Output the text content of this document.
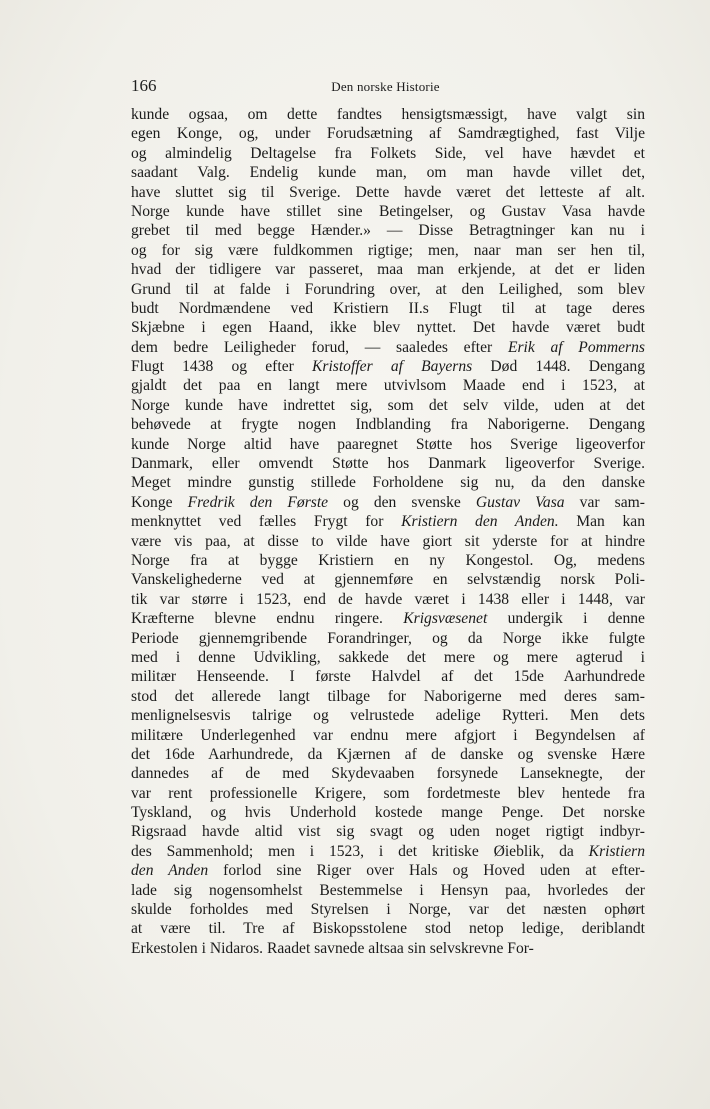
166	Den norske Historie
kunde ogsaa, om dette fandtes hensigtsmæssigt, have valgt sin
egen Konge, og, under Forudsætning af Samdrægtighed, fast Vilje
og almindelig Deltagelse fra Folkets Side, vel have hævdet et
saadant Valg. Endelig kunde man, om man havde villet det,
have sluttet sig til Sverige. Dette havde været det letteste af alt.
Norge kunde have stillet sine Betingelser, og Gustav Vasa havde
grebet til med begge Hænder.» — Disse Betragtninger kan nu i
og for sig være fuldkommen rigtige; men, naar man ser hen til,
hvad der tidligere var passeret, maa man erkjende, at det er liden
Grund til at falde i Forundring over, at den Leilighed, som blev
budt Nordmændene ved Kristiern II.s Flugt til at tage deres
Skjæbne i egen Haand, ikke blev nyttet. Det havde været budt
dem bedre Leiligheder forud, — saaledes efter Erik af Pommerns
Flugt 1438 og efter Kristoffer af Bayerns Død 1448. Dengang
gjaldt det paa en langt mere utvivlsom Maade end i 1523, at
Norge kunde have indrettet sig, som det selv vilde, uden at det
behøvede at frygte nogen Indblanding fra Naborigerne. Dengang
kunde Norge altid have paaregnet Støtte hos Sverige ligeoverfor
Danmark, eller omvendt Støtte hos Danmark ligeoverfor Sverige.
Meget mindre gunstig stillede Forholdene sig nu, da den danske
Konge Fredrik den Første og den svenske Gustav Vasa var sam-
menknyttet ved fælles Frygt for Kristiern den Anden. Man kan
være vis paa, at disse to vilde have giort sit yderste for at hindre
Norge fra at bygge Kristiern en ny Kongestol. Og, medens
Vanskelighederne ved at gjennemføre en selvstændig norsk Poli-
tik var større i 1523, end de havde været i 1438 eller i 1448, var
Kræfterne blevne endnu ringere. Krigsvæsenet undergik i denne
Periode gjennemgribende Forandringer, og da Norge ikke fulgte
med i denne Udvikling, sakkede det mere og mere agterud i
militær Henseende. I første Halvdel af det 15de Aarhundrede
stod det allerede langt tilbage for Naborigerne med deres sam-
menlignelsesvis talrige og velrustede adelige Rytteri. Men dets
militære Underlegenhed var endnu mere afgjort i Begyndelsen af
det 16de Aarhundrede, da Kjærnen af de danske og svenske Hære
dannedes af de med Skydevaaben forsynede Lanseknegte, der
var rent professionelle Krigere, som fordetmeste blev hentede fra
Tyskland, og hvis Underhold kostede mange Penge. Det norske
Rigsraad havde altid vist sig svagt og uden noget rigtigt indbyr-
des Sammenhold; men i 1523, i det kritiske Øieblik, da Kristiern
den Anden forlod sine Riger over Hals og Hoved uden at efter-
lade sig nogensomhelst Bestemmelse i Hensyn paa, hvorledes der
skulde forholdes med Styrelsen i Norge, var det næsten ophørt
at være til. Tre af Biskopsstolene stod netop ledige, deriblandt
Erkestolen i Nidaros. Raadet savnede altsaa sin selvskrevne For-
